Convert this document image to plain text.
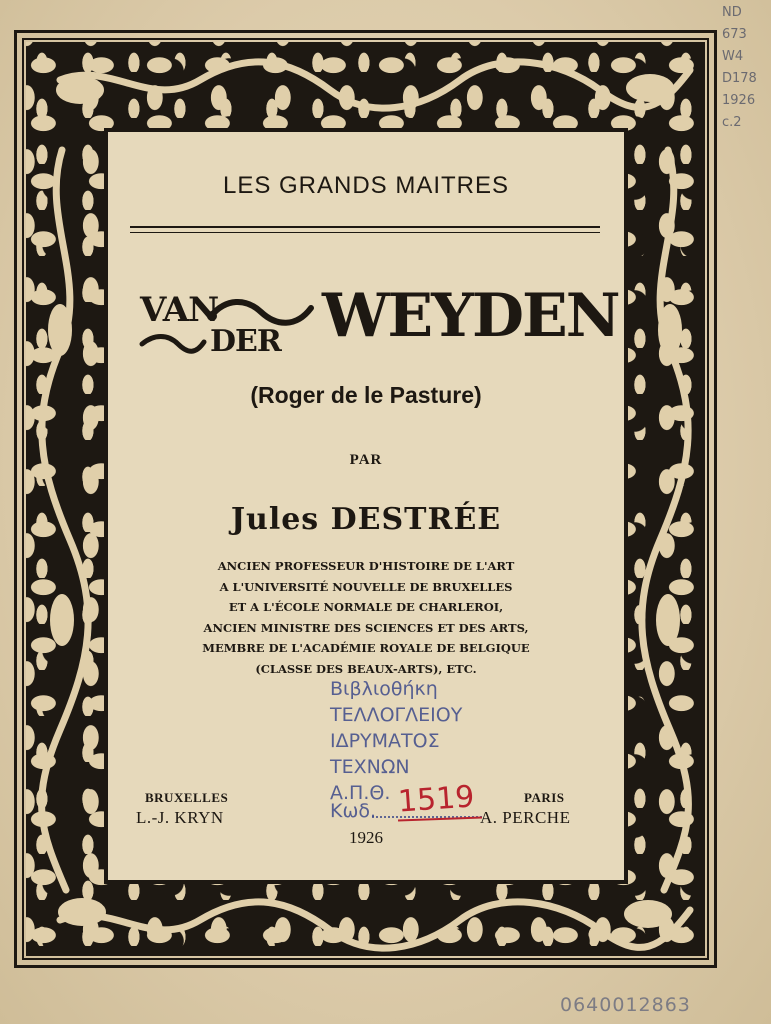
LES GRANDS MAITRES
VAN
DER WEYDEN
(Roger de le Pasture)
PAR
Jules DESTRÉE
ANCIEN PROFESSEUR D'HISTOIRE DE L'ART
A L'UNIVERSITÉ NOUVELLE DE BRUXELLES
ET A L'ÉCOLE NORMALE DE CHARLEROI,
ANCIEN MINISTRE DES SCIENCES ET DES ARTS,
MEMBRE DE L'ACADÉMIE ROYALE DE BELGIQUE
(CLASSE DES BEAUX-ARTS), ETC.
Βιβλιοθήκη
ΤΕΛΛΟΓΛΕΙΟΥ
ΙΔΡΥΜΑΤΟΣ
ΤΕΧΝΩΝ
Α.Π.Θ.
Κωδ. 1519
BRUXELLES
L.-J. KRYN
PARIS
A. PERCHE
1926
ND
673
W4
D178
1926
c.2
0640012863
